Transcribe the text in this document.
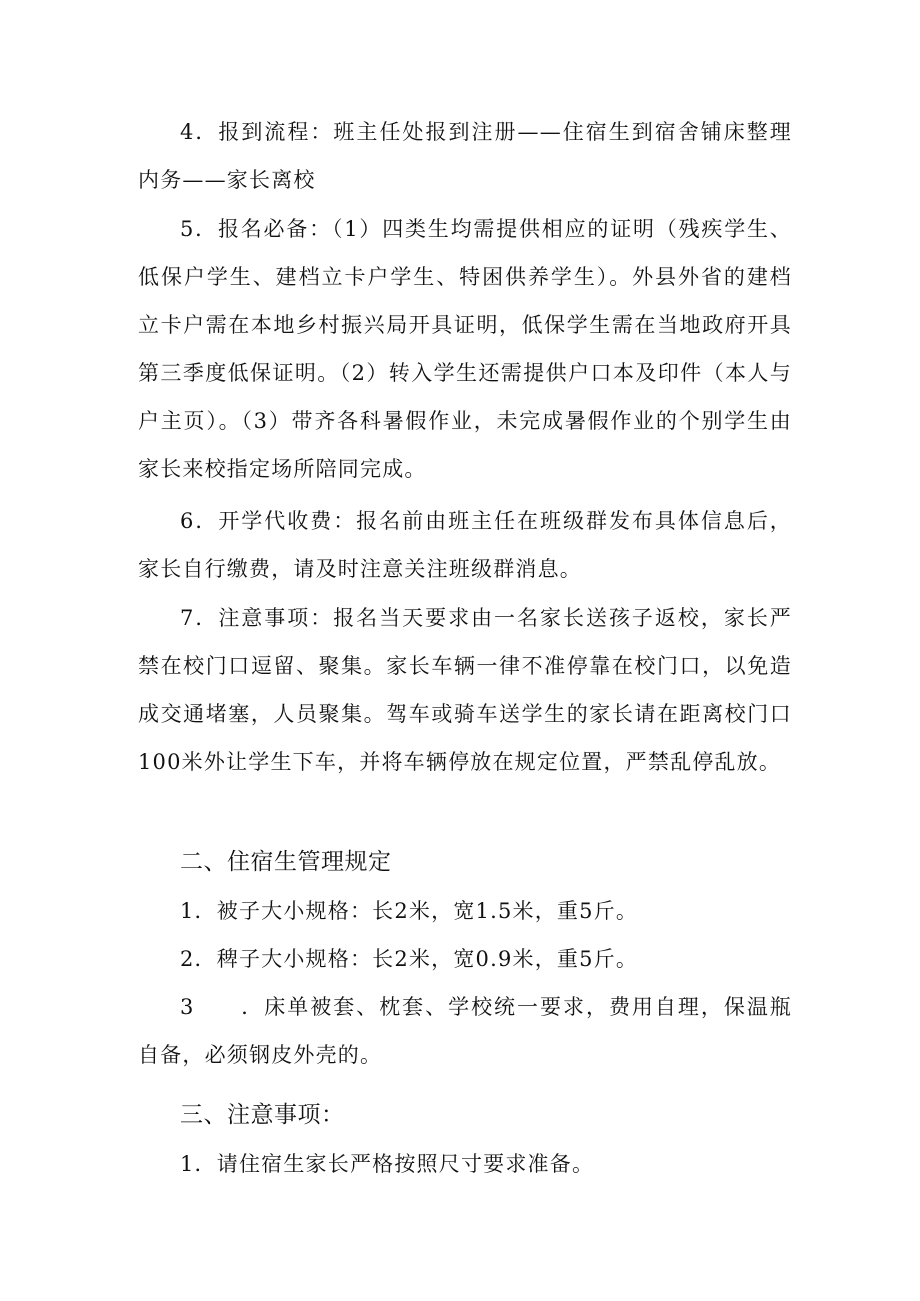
4．报到流程：班主任处报到注册——住宿生到宿舍铺床整理内务——家长离校

5．报名必备：（1）四类生均需提供相应的证明（残疾学生、低保户学生、建档立卡户学生、特困供养学生）。外县外省的建档立卡户需在本地乡村振兴局开具证明，低保学生需在当地政府开具第三季度低保证明。（2）转入学生还需提供户口本及印件（本人与户主页）。（3）带齐各科暑假作业，未完成暑假作业的个别学生由家长来校指定场所陪同完成。

6．开学代收费：报名前由班主任在班级群发布具体信息后，家长自行缴费，请及时注意关注班级群消息。

7．注意事项：报名当天要求由一名家长送孩子返校，家长严禁在校门口逗留、聚集。家长车辆一律不准停靠在校门口，以免造成交通堵塞，人员聚集。驾车或骑车送学生的家长请在距离校门口100米外让学生下车，并将车辆停放在规定位置，严禁乱停乱放。

二、住宿生管理规定

1．被子大小规格：长2米，宽1.5米，重5斤。

2．稗子大小规格：长2米，宽0.9米，重5斤。

3　　．床单被套、枕套、学校统一要求，费用自理，保温瓶自备，必须钢皮外壳的。

三、注意事项：

1．请住宿生家长严格按照尺寸要求准备。
